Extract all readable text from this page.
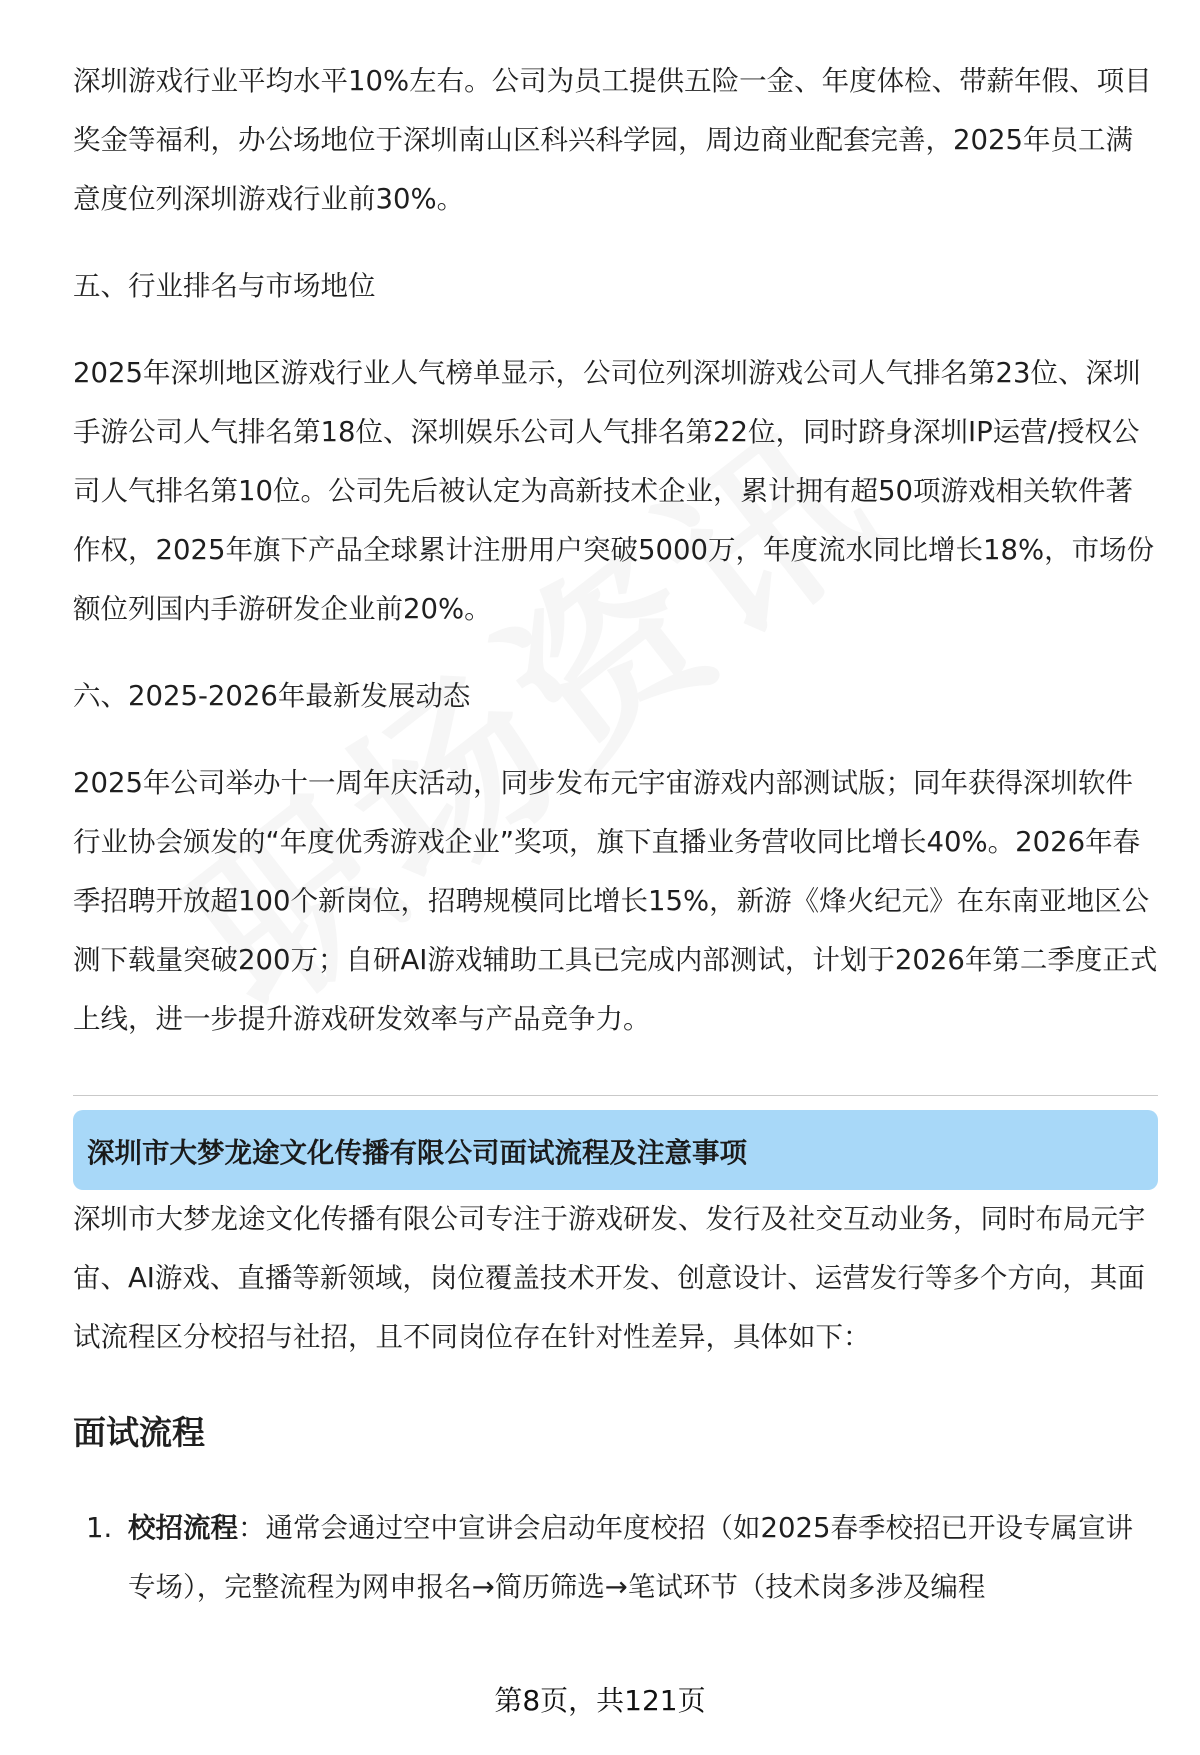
深圳游戏行业平均水平10%左右。公司为员工提供五险一金、年度体检、带薪年假、项目奖金等福利，办公场地位于深圳南山区科兴科学园，周边商业配套完善，2025年员工满意度位列深圳游戏行业前30%。

五、行业排名与市场地位

2025年深圳地区游戏行业人气榜单显示，公司位列深圳游戏公司人气排名第23位、深圳手游公司人气排名第18位、深圳娱乐公司人气排名第22位，同时跻身深圳IP运营/授权公司人气排名第10位。公司先后被认定为高新技术企业，累计拥有超50项游戏相关软件著作权，2025年旗下产品全球累计注册用户突破5000万，年度流水同比增长18%，市场份额位列国内手游研发企业前20%。

六、2025-2026年最新发展动态

2025年公司举办十一周年庆活动，同步发布元宇宙游戏内部测试版；同年获得深圳软件行业协会颁发的“年度优秀游戏企业”奖项，旗下直播业务营收同比增长40%。2026年春季招聘开放超100个新岗位，招聘规模同比增长15%，新游《烽火纪元》在东南亚地区公测下载量突破200万；自研AI游戏辅助工具已完成内部测试，计划于2026年第二季度正式上线，进一步提升游戏研发效率与产品竞争力。

深圳市大梦龙途文化传播有限公司面试流程及注意事项

深圳市大梦龙途文化传播有限公司专注于游戏研发、发行及社交互动业务，同时布局元宇宙、AI游戏、直播等新领域，岗位覆盖技术开发、创意设计、运营发行等多个方向，其面试流程区分校招与社招，且不同岗位存在针对性差异，具体如下：

面试流程
1. 校招流程：通常会通过空中宣讲会启动年度校招（如2025春季校招已开设专属宣讲专场），完整流程为网申报名→简历筛选→笔试环节（技术岗多涉及编程
第8页，共121页
